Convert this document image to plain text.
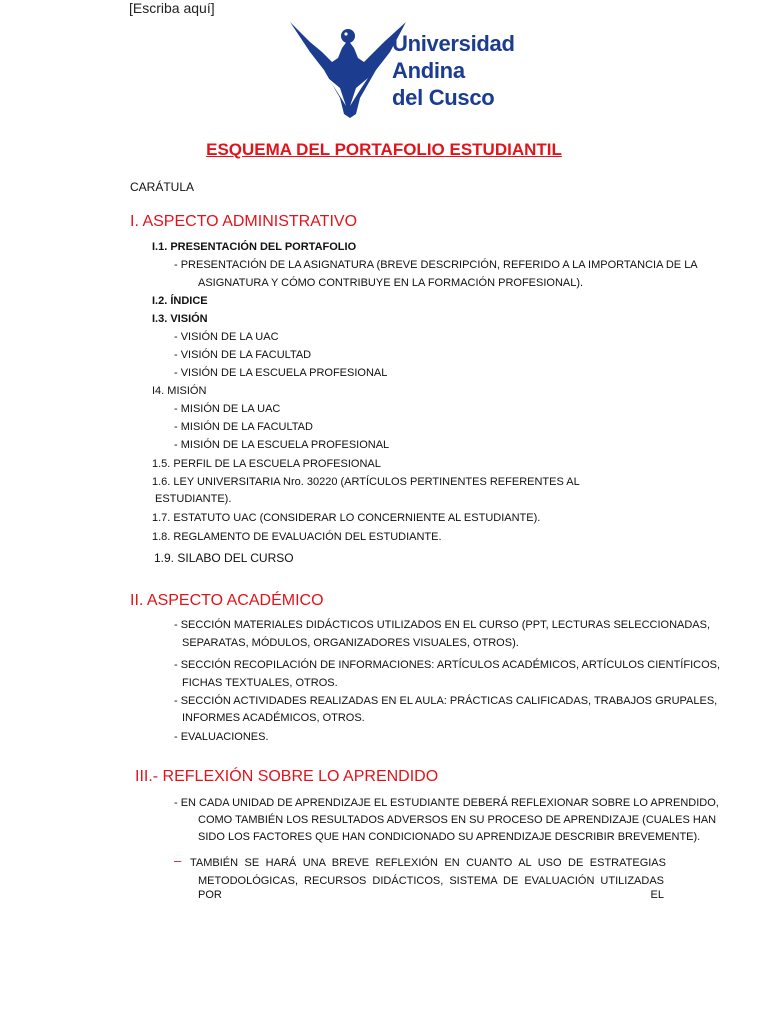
[Escriba aquí]
Universidad
Andina
del Cusco
ESQUEMA DEL PORTAFOLIO ESTUDIANTIL
CARÁTULA
I. ASPECTO ADMINISTRATIVO
I.1. PRESENTACIÓN DEL PORTAFOLIO
- PRESENTACIÓN DE LA ASIGNATURA (BREVE DESCRIPCIÓN, REFERIDO A LA IMPORTANCIA DE LA
ASIGNATURA Y CÓMO CONTRIBUYE EN LA FORMACIÓN PROFESIONAL).
I.2. ÍNDICE
I.3. VISIÓN
- VISIÓN DE LA UAC
- VISIÓN DE LA FACULTAD
- VISIÓN DE LA ESCUELA PROFESIONAL
I4. MISIÓN
- MISIÓN DE LA UAC
- MISIÓN DE LA FACULTAD
- MISIÓN DE LA ESCUELA PROFESIONAL
1.5. PERFIL DE LA ESCUELA PROFESIONAL
1.6. LEY UNIVERSITARIA Nro. 30220 (ARTÍCULOS PERTINENTES REFERENTES AL
ESTUDIANTE).
1.7. ESTATUTO UAC (CONSIDERAR LO CONCERNIENTE AL ESTUDIANTE).
1.8. REGLAMENTO DE EVALUACIÓN DEL ESTUDIANTE.
1.9. SILABO DEL CURSO
II. ASPECTO ACADÉMICO
- SECCIÓN MATERIALES DIDÁCTICOS UTILIZADOS EN EL CURSO (PPT, LECTURAS SELECCIONADAS,
SEPARATAS, MÓDULOS, ORGANIZADORES VISUALES, OTROS).
- SECCIÓN RECOPILACIÓN DE INFORMACIONES: ARTÍCULOS ACADÉMICOS, ARTÍCULOS CIENTÍFICOS,
FICHAS TEXTUALES, OTROS.
- SECCIÓN ACTIVIDADES REALIZADAS EN EL AULA: PRÁCTICAS CALIFICADAS, TRABAJOS GRUPALES,
INFORMES ACADÉMICOS, OTROS.
- EVALUACIONES.
III.- REFLEXIÓN SOBRE LO APRENDIDO
- EN CADA UNIDAD DE APRENDIZAJE EL ESTUDIANTE DEBERÁ REFLEXIONAR SOBRE LO APRENDIDO,
COMO TAMBIÉN LOS RESULTADOS ADVERSOS EN SU PROCESO DE APRENDIZAJE (CUALES HAN
SIDO LOS FACTORES QUE HAN CONDICIONADO SU APRENDIZAJE DESCRIBIR BREVEMENTE).
– TAMBIÉN SE HARÁ UNA BREVE REFLEXIÓN EN CUANTO AL USO DE ESTRATEGIAS
METODOLÓGICAS, RECURSOS DIDÁCTICOS, SISTEMA DE EVALUACIÓN UTILIZADAS POR EL
